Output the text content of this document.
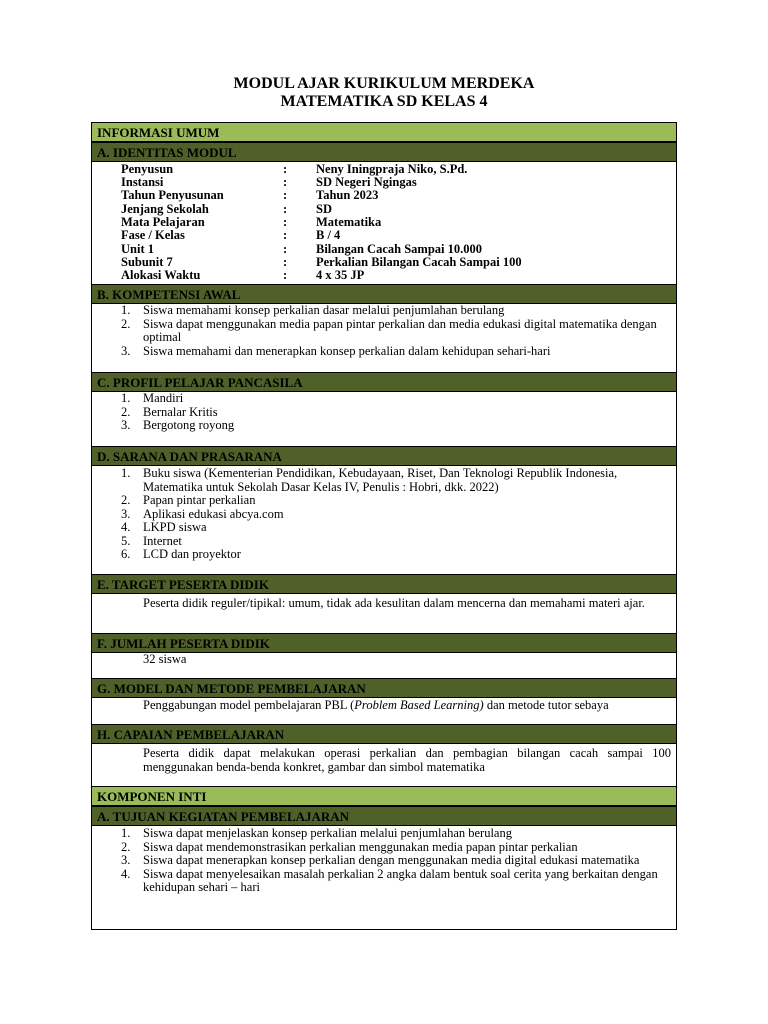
MODUL AJAR KURIKULUM MERDEKA
MATEMATIKA SD KELAS 4
INFORMASI UMUM
A. IDENTITAS MODUL
Penyusun	: Neny Iningpraja Niko, S.Pd.
Instansi	: SD Negeri Ngingas
Tahun Penyusunan	: Tahun 2023
Jenjang Sekolah	: SD
Mata Pelajaran	: Matematika
Fase / Kelas	: B / 4
Unit 1	: Bilangan Cacah Sampai 10.000
Subunit 7	: Perkalian Bilangan Cacah Sampai 100
Alokasi Waktu	: 4 x 35 JP
B. KOMPETENSI AWAL
1. Siswa memahami konsep perkalian dasar melalui penjumlahan berulang
2. Siswa dapat menggunakan media papan pintar perkalian dan media edukasi digital matematika dengan optimal
3. Siswa memahami dan menerapkan konsep perkalian dalam kehidupan sehari-hari
C. PROFIL PELAJAR PANCASILA
1. Mandiri
2. Bernalar Kritis
3. Bergotong royong
D. SARANA DAN PRASARANA
1. Buku siswa (Kementerian Pendidikan, Kebudayaan, Riset, Dan Teknologi Republik Indonesia, Matematika untuk Sekolah Dasar Kelas IV, Penulis : Hobri, dkk. 2022)
2. Papan pintar perkalian
3. Aplikasi edukasi abcya.com
4. LKPD siswa
5. Internet
6. LCD dan proyektor
E. TARGET PESERTA DIDIK
Peserta didik reguler/tipikal: umum, tidak ada kesulitan dalam mencerna dan memahami materi ajar.
F. JUMLAH PESERTA DIDIK
32 siswa
G. MODEL DAN METODE PEMBELAJARAN
Penggabungan model pembelajaran PBL (Problem Based Learning) dan metode tutor sebaya
H. CAPAIAN PEMBELAJARAN
Peserta didik dapat melakukan operasi perkalian dan pembagian bilangan cacah sampai 100 menggunakan benda-benda konkret, gambar dan simbol matematika
KOMPONEN INTI
A. TUJUAN KEGIATAN PEMBELAJARAN
1. Siswa dapat menjelaskan konsep perkalian melalui penjumlahan berulang
2. Siswa dapat mendemonstrasikan perkalian menggunakan media papan pintar perkalian
3. Siswa dapat menerapkan konsep perkalian dengan menggunakan media digital edukasi matematika
4. Siswa dapat menyelesaikan masalah perkalian 2 angka dalam bentuk soal cerita yang berkaitan dengan kehidupan sehari – hari
